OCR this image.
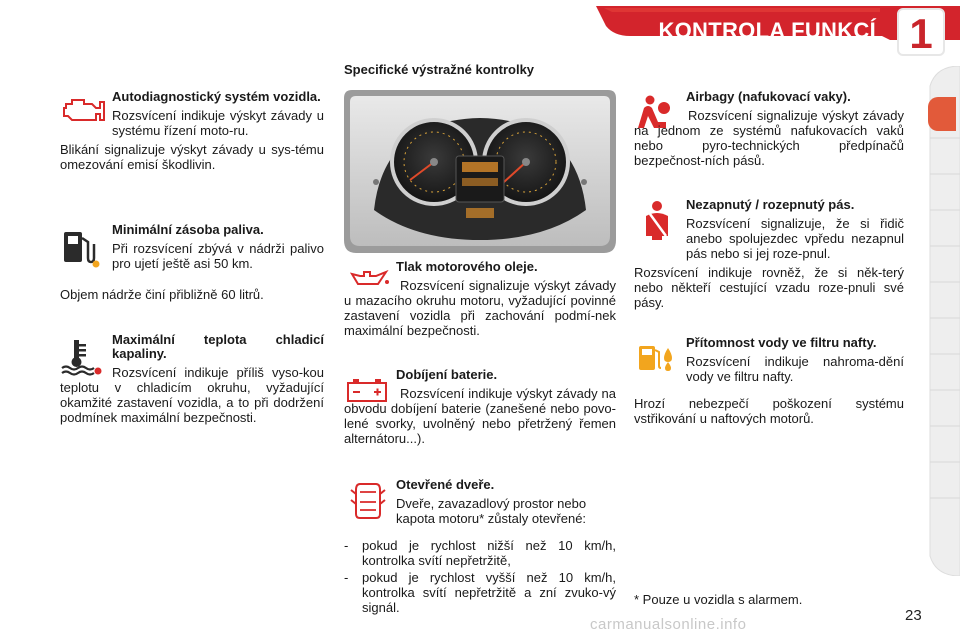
KONTROLA FUNKCÍ 1
Specifické výstražné kontrolky
Autodiagnostický systém vozidla.
Rozsvícení indikuje výskyt závady u systému řízení moto-ru.
Blikání signalizuje výskyt závady u sys-tému omezování emisí škodlivin.
Minimální zásoba paliva.
Při rozsvícení zbývá v nádrži palivo pro ujetí ještě asi 50 km.
Objem nádrže činí přibližně 60 litrů.
Maximální teplota chladicí kapaliny.
Rozsvícení indikuje příliš vyso-kou teplotu v chladicím okruhu, vyžadující okamžité zastavení vozidla, a to při dodržení podmínek maximální bezpečnosti.
Tlak motorového oleje.
Rozsvícení signalizuje výskyt závady u mazacího okruhu motoru, vyžadující povinné zastavení vozidla při zachování podmí-nek maximální bezpečnosti.
Dobíjení baterie.
Rozsvícení indikuje výskyt závady na obvodu dobíjení baterie (zanešené nebo povo-lené svorky, uvolněný nebo přetržený řemen alternátoru...).
Otevřené dveře.
Dveře, zavazadlový prostor nebo kapota motoru* zůstaly otevřené:
- pokud je rychlost nižší než 10 km/h, kontrolka svítí nepřetržitě,
- pokud je rychlost vyšší než 10 km/h, kontrolka svítí nepřetržitě a zní zvuko-vý signál.
Airbagy (nafukovací vaky).
Rozsvícení signalizuje výskyt závady na jednom ze systémů nafukovacích vaků nebo pyro-technických předpínačů bezpečnost-ních pásů.
Nezapnutý / rozepnutý pás.
Rozsvícení signalizuje, že si řidič anebo spolujezdec vpředu nezapnul pás nebo si jej roze-pnul.
Rozsvícení indikuje rovněž, že si něk-terý nebo někteří cestující vzadu roze-pnuli své pásy.
Přítomnost vody ve filtru nafty.
Rozsvícení indikuje nahroma-dění vody ve filtru nafty.
Hrozí nebezpečí poškození systému vstřikování u naftových motorů.
* Pouze u vozidla s alarmem.
23
carmanualsonline.info
